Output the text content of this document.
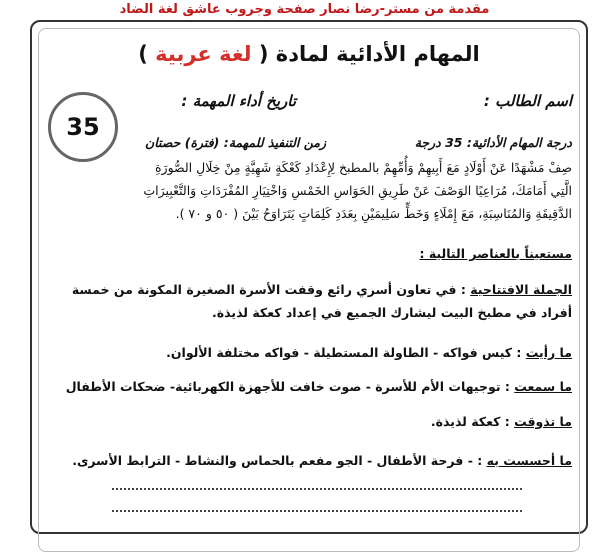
مقدمة من مستر-رضا نصار صفحة وجروب عاشق لغة الضاد
المهام الأدائية لمادة ( لغة عربية )
اسم الطالب :
تاريخ أداء المهمة :
35
درجة المهام الأدائية: 35 درجة
زمن التنفيذ للمهمة: (فترة) حصتان
صِفْ مَشْهَدًا عَنْ أَوْلَادٍ مَعَ أَبِيهِمْ وَأُمِّهِمْ بالمطبخ لِإِعْدَادِ كَعْكَةٍ شَهِيَّةٍ مِنْ خِلَالِ الصُّورَةِ
الَّتِي أَمَامَكَ، مُرَاعِيًا الوَصْفَ عَنْ طَرِيقِ الحَوَاسِ الخَمْسِ وَاخْتِيَارِ المُفْرَدَاتِ وَالتَّعْبِيرَاتِ
الدَّقِيقَةِ وَالمُنَاسِبَةِ، مَعَ إِمْلَاءٍ وَخَطٍّ سَلِيمَيْنِ بِعَدَدِ كَلِمَاتٍ يَتَرَاوَحُ بَيْنَ ( ٥٠ و ٧٠ ).
مستعيناً بالعناصر التالية :
الجملة الافتتاحية : في تعاون أسري رائع وقفت الأسرة الصغيرة المكونة من خمسة
أفراد في مطبخ البيت ليشارك الجميع في إعداد كعكة لذيذة.
ما رأيت : كيس فواكه - الطاولة المستطيلة - فواكه مختلفة الألوان.
ما سمعت : توجيهات الأم للأسرة - صوت خافت للأجهزة الكهربائية- ضحكات الأطفال
ما تذوقت : كعكة لذيذة.
ما أحسست به : - فرحة الأطفال - الجو مفعم بالحماس والنشاط - الترابط الأسرى.
